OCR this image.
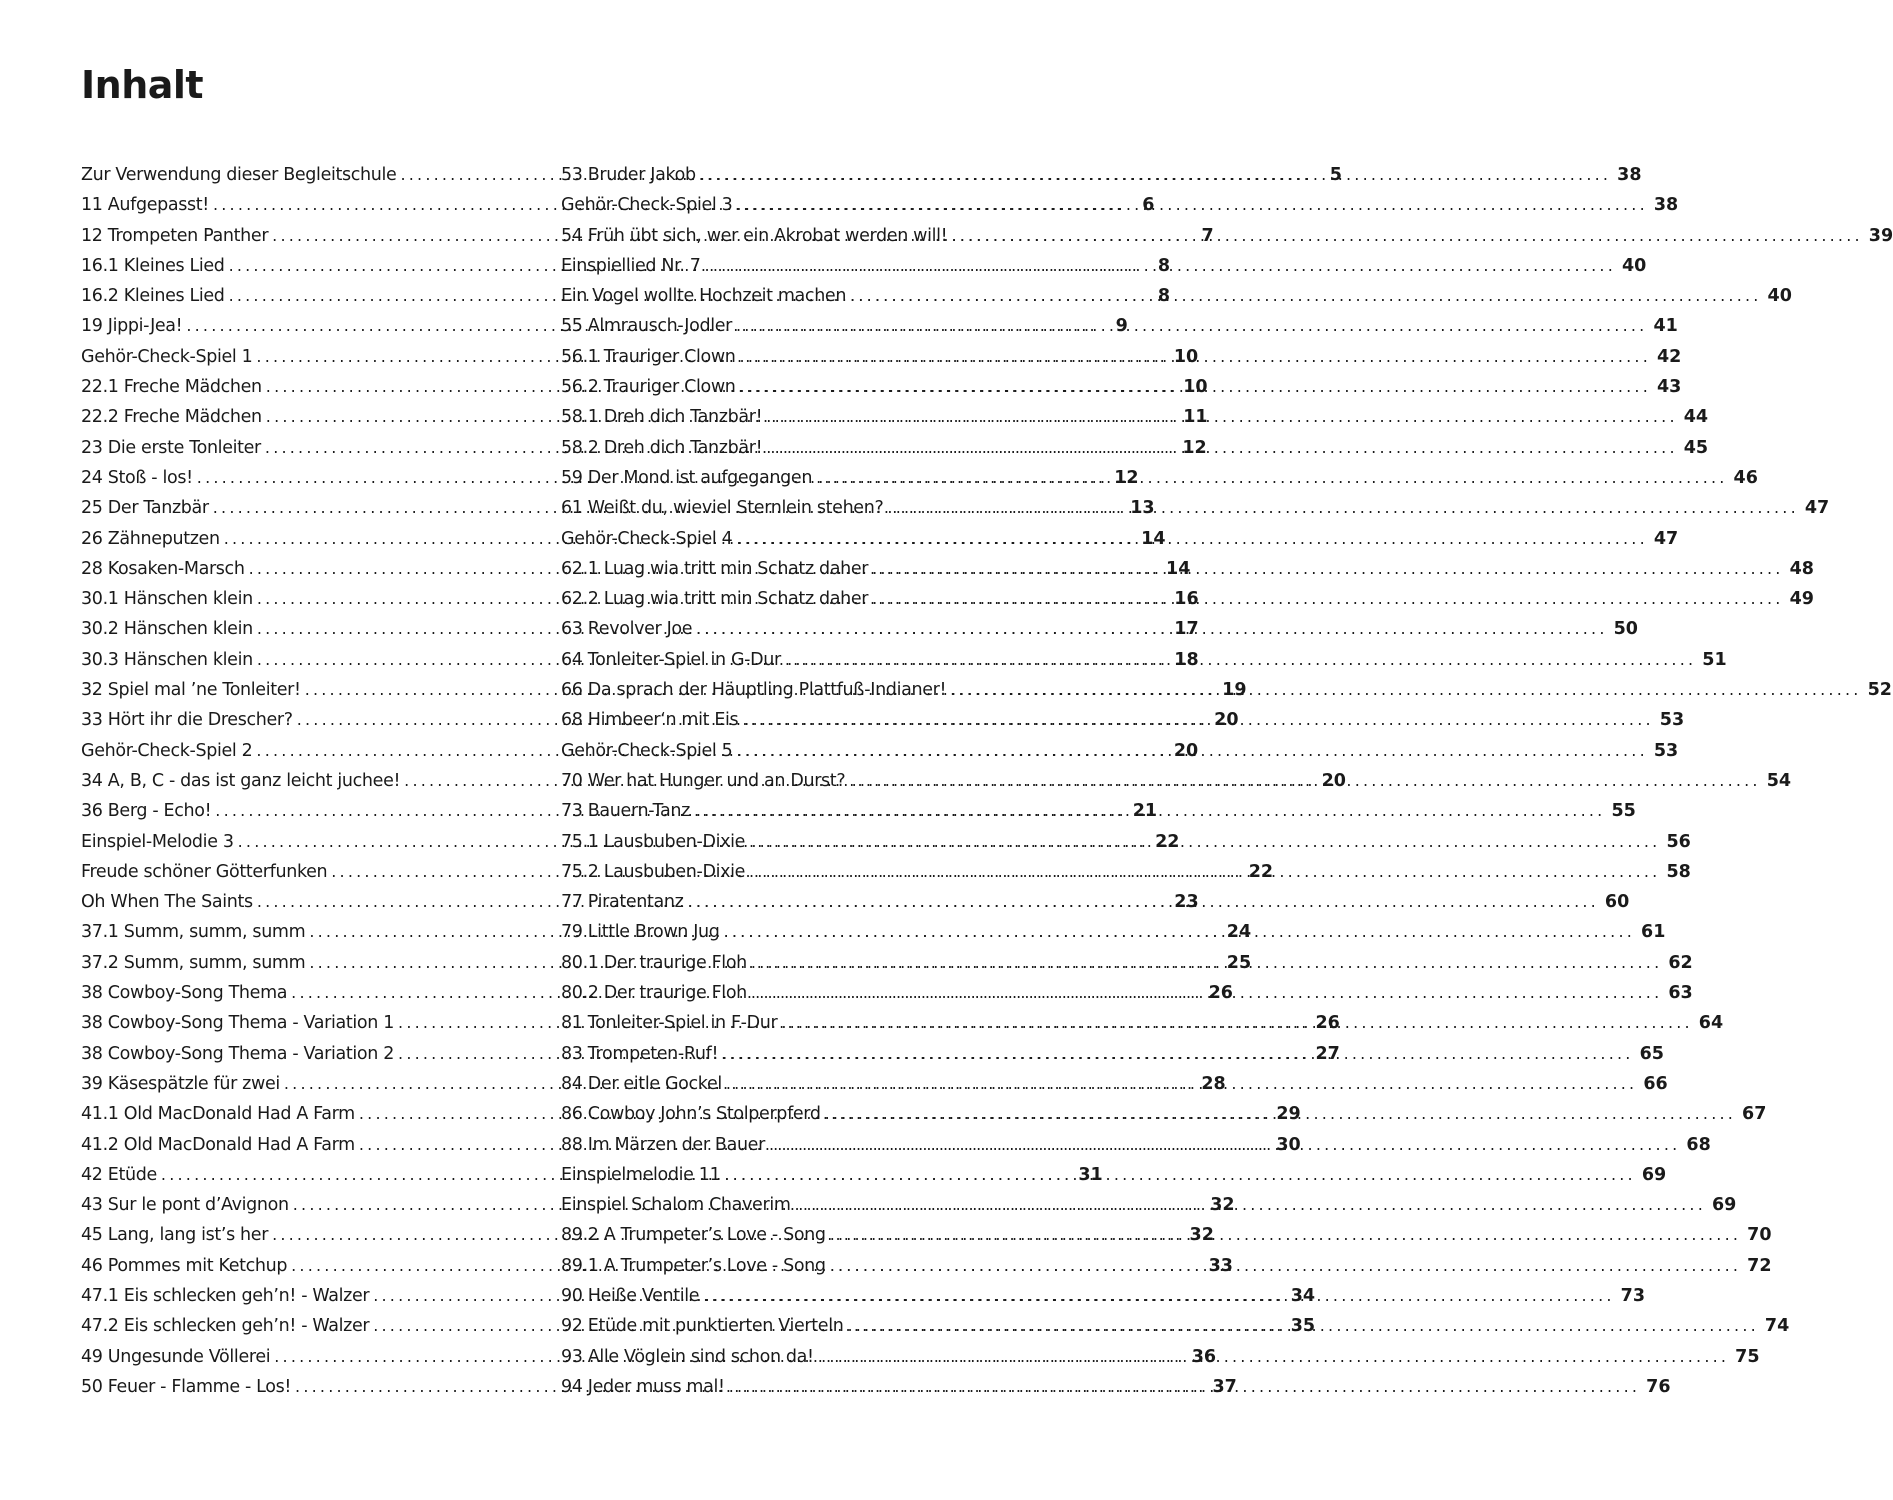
Inhalt
Zur Verwendung dieser Begleitschule .....	5
11 Aufgepasst! .....	6
12 Trompeten Panther .....	7
16.1 Kleines Lied .....	8
16.2 Kleines Lied .....	8
19 Jippi-Jea! .....	9
Gehör-Check-Spiel 1 .....	10
22.1 Freche Mädchen .....	10
22.2 Freche Mädchen .....	11
23 Die erste Tonleiter .....	12
24 Stoß - los! .....	12
25 Der Tanzbär .....	13
26 Zähneputzen .....	14
28 Kosaken-Marsch .....	14
30.1 Hänschen klein .....	16
30.2 Hänschen klein .....	17
30.3 Hänschen klein .....	18
32 Spiel mal ’ne Tonleiter! .....	19
33 Hört ihr die Drescher? .....	20
Gehör-Check-Spiel 2 .....	20
34 A, B, C - das ist ganz leicht juchee! .....	20
36 Berg - Echo! .....	21
Einspiel-Melodie 3 .....	22
Freude schöner Götterfunken .....	22
Oh When The Saints .....	23
37.1 Summ, summ, summ .....	24
37.2 Summ, summ, summ .....	25
38 Cowboy-Song Thema .....	26
38 Cowboy-Song Thema - Variation 1 .....	26
38 Cowboy-Song Thema - Variation 2 .....	27
39 Käsespätzle für zwei .....	28
41.1 Old MacDonald Had A Farm .....	29
41.2 Old MacDonald Had A Farm .....	30
42 Etüde .....	31
43 Sur le pont d’Avignon .....	32
45 Lang, lang ist’s her .....	32
46 Pommes mit Ketchup .....	33
47.1 Eis schlecken geh’n! - Walzer .....	34
47.2 Eis schlecken geh’n! - Walzer .....	35
49 Ungesunde Völlerei .....	36
50 Feuer - Flamme - Los! .....	37
53 Bruder Jakob .....	38
Gehör-Check-Spiel 3 .....	38
54 Früh übt sich, wer ein Akrobat werden will! .....	39
Einspiellied Nr. 7 .....	40
Ein Vogel wollte Hochzeit machen .....	40
55 Almrausch-Jodler .....	41
56.1 Trauriger Clown .....	42
56.2 Trauriger Clown .....	43
58.1 Dreh dich Tanzbär! .....	44
58.2 Dreh dich Tanzbär! .....	45
59 Der Mond ist aufgegangen .....	46
61 Weißt du, wieviel Sternlein stehen? .....	47
Gehör-Check-Spiel 4 .....	47
62.1 Luag wia tritt min Schatz daher .....	48
62.2 Luag wia tritt min Schatz daher .....	49
63 Revolver Joe .....	50
64 Tonleiter-Spiel in G-Dur .....	51
66 Da sprach der Häuptling Plattfuß-Indianer! .....	52
68 Himbeer‘n mit Eis .....	53
Gehör-Check-Spiel 5 .....	53
70 Wer hat Hunger und an Durst? .....	54
73 Bauern-Tanz .....	55
75.1 Lausbuben-Dixie .....	56
75.2 Lausbuben-Dixie .....	58
77 Piratentanz .....	60
79 Little Brown Jug .....	61
80.1 Der traurige Floh .....	62
80.2 Der traurige Floh .....	63
81 Tonleiter-Spiel in F-Dur .....	64
83 Trompeten-Ruf! .....	65
84 Der eitle Gockel .....	66
86 Cowboy John’s Stolperpferd .....	67
88 Im Märzen der Bauer .....	68
Einspielmelodie 11 .....	69
Einspiel Schalom Chaverim .....	69
89.2 A Trumpeter’s Love - Song .....	70
89.1 A Trumpeter’s Love - Song .....	72
90 Heiße Ventile .....	73
92 Etüde mit punktierten Vierteln .....	74
93 Alle Vöglein sind schon da! .....	75
94 Jeder muss mal! .....	76
